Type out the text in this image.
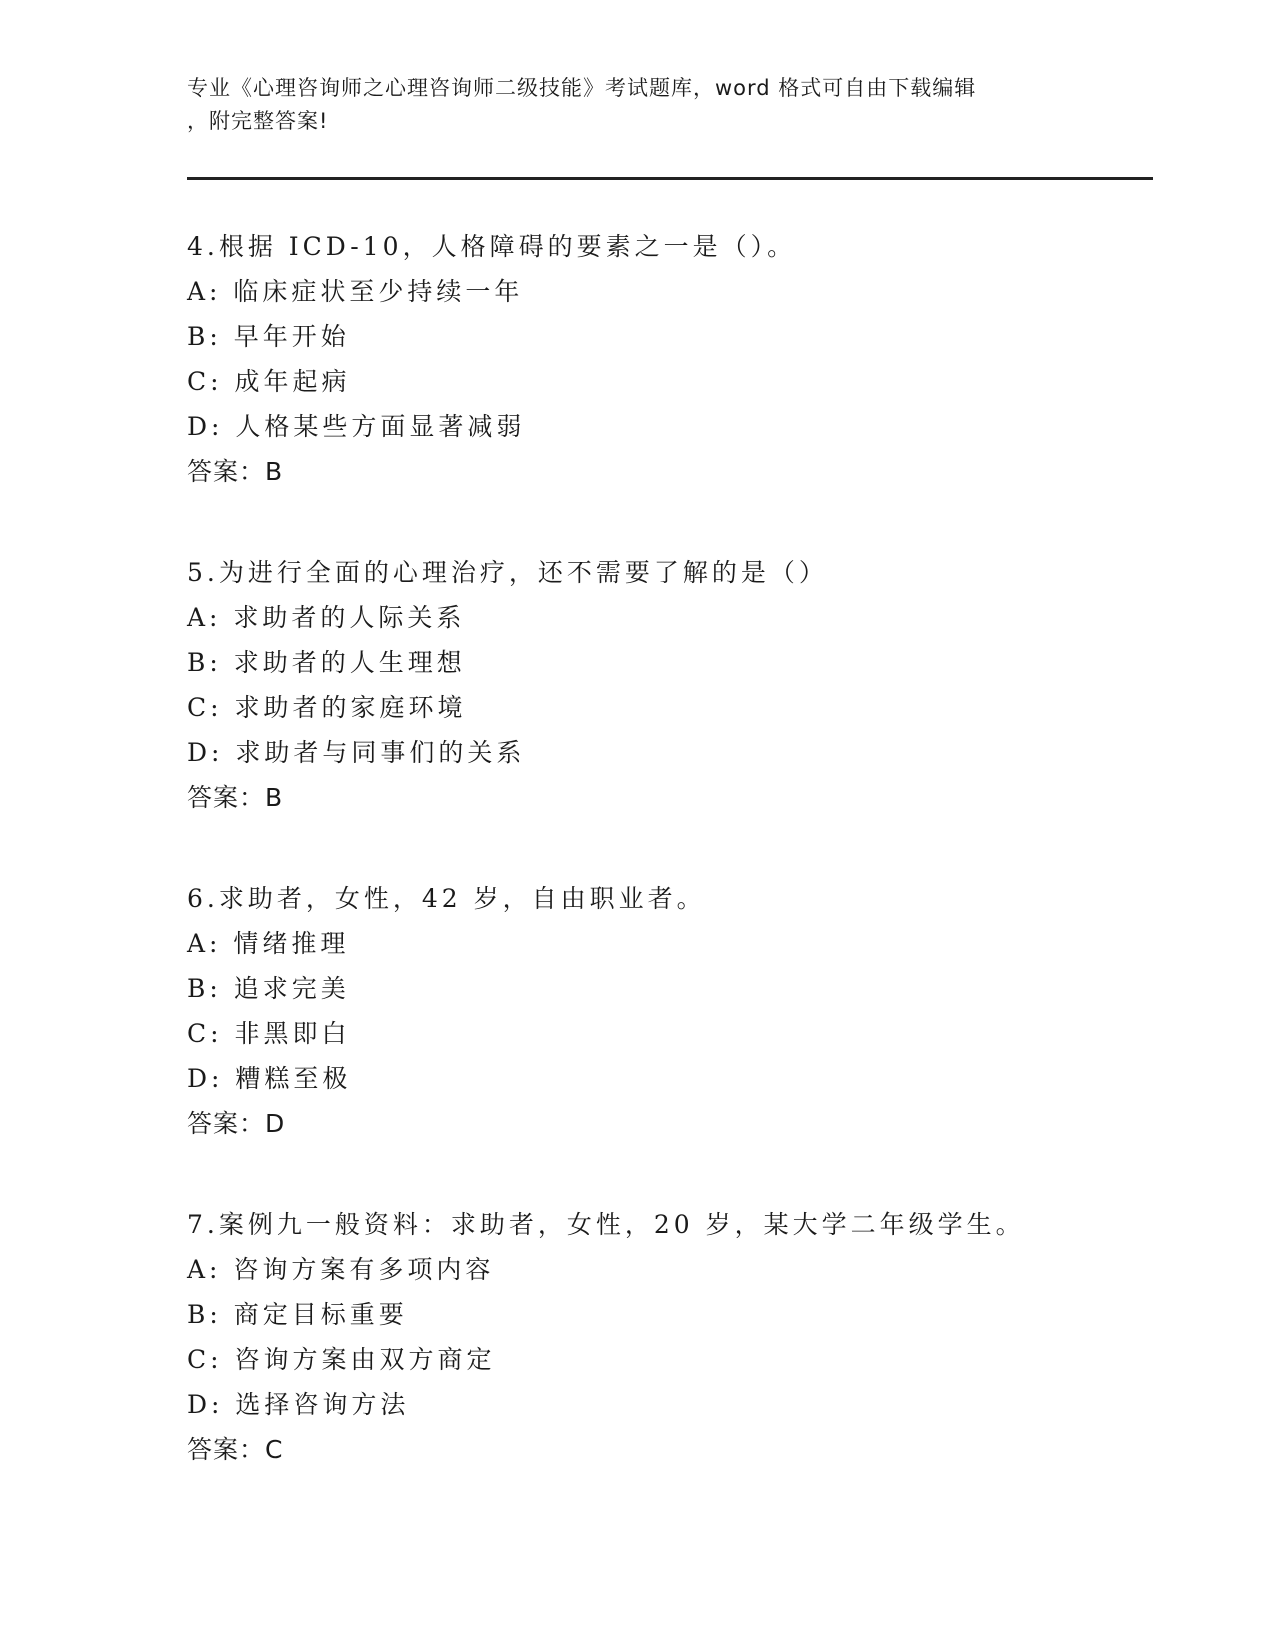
专业《心理咨询师之心理咨询师二级技能》考试题库，word 格式可自由下载编辑
，附完整答案!
4.根据 ICD-10，人格障碍的要素之一是（）。
A: 临床症状至少持续一年
B: 早年开始
C: 成年起病
D: 人格某些方面显著减弱
答案：B
5.为进行全面的心理治疗，还不需要了解的是（）
A: 求助者的人际关系
B: 求助者的人生理想
C: 求助者的家庭环境
D: 求助者与同事们的关系
答案：B
6.求助者，女性，42 岁，自由职业者。
A: 情绪推理
B: 追求完美
C: 非黑即白
D: 糟糕至极
答案：D
7.案例九一般资料：求助者，女性，20 岁，某大学二年级学生。
A: 咨询方案有多项内容
B: 商定目标重要
C: 咨询方案由双方商定
D: 选择咨询方法
答案：C
